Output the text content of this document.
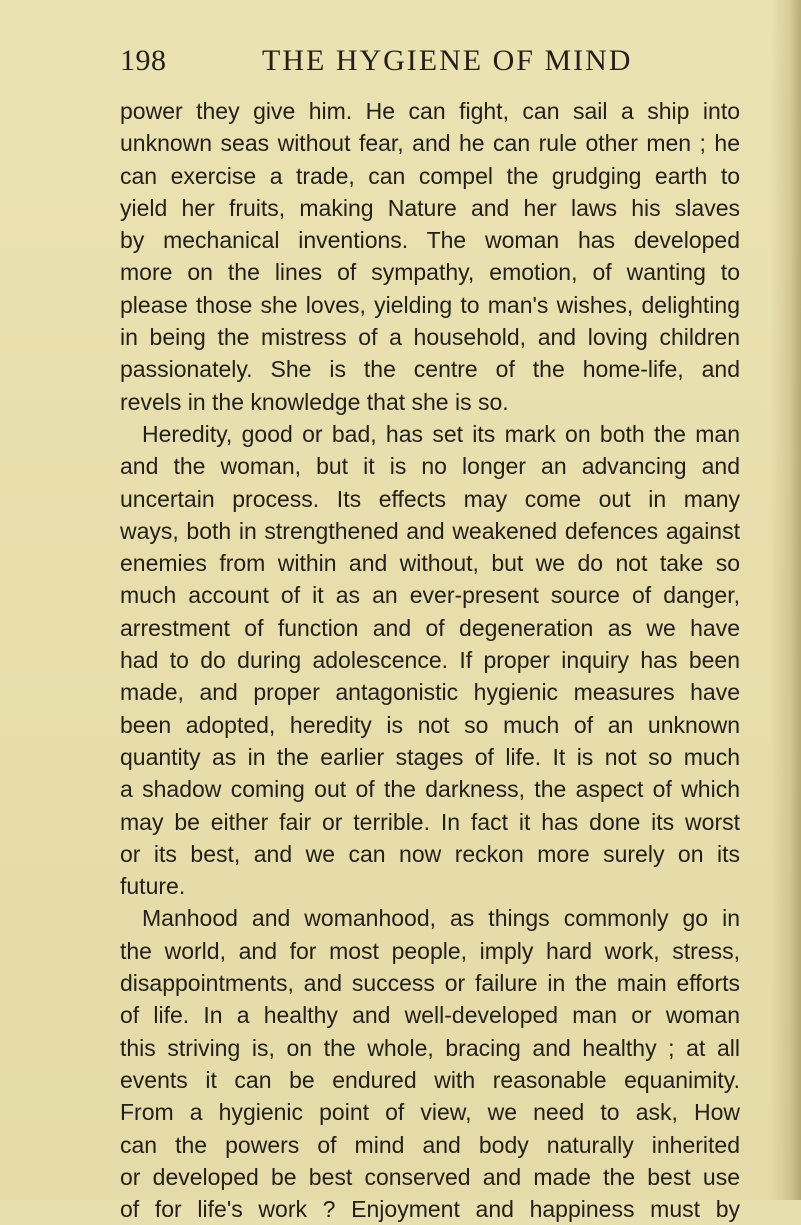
198	THE HYGIENE OF MIND
power they give him. He can fight, can sail a ship into
unknown seas without fear, and he can rule other men ; he
can exercise a trade, can compel the grudging earth to
yield her fruits, making Nature and her laws his slaves
by mechanical inventions. The woman has developed
more on the lines of sympathy, emotion, of wanting to
please those she loves, yielding to man's wishes, delighting
in being the mistress of a household, and loving children
passionately. She is the centre of the home-life, and
revels in the knowledge that she is so.
Heredity, good or bad, has set its mark on both the man
and the woman, but it is no longer an advancing and
uncertain process. Its effects may come out in many
ways, both in strengthened and weakened defences against
enemies from within and without, but we do not take so
much account of it as an ever-present source of danger,
arrestment of function and of degeneration as we have
had to do during adolescence. If proper inquiry has been
made, and proper antagonistic hygienic measures have
been adopted, heredity is not so much of an unknown
quantity as in the earlier stages of life. It is not so much
a shadow coming out of the darkness, the aspect of which
may be either fair or terrible. In fact it has done its worst
or its best, and we can now reckon more surely on its
future.
Manhood and womanhood, as things commonly go in
the world, and for most people, imply hard work, stress,
disappointments, and success or failure in the main efforts
of life. In a healthy and well-developed man or woman
this striving is, on the whole, bracing and healthy ; at all
events it can be endured with reasonable equanimity.
From a hygienic point of view, we need to ask, How
can the powers of mind and body naturally inherited
or developed be best conserved and made the best use
of for life's work ? Enjoyment and happiness must by
